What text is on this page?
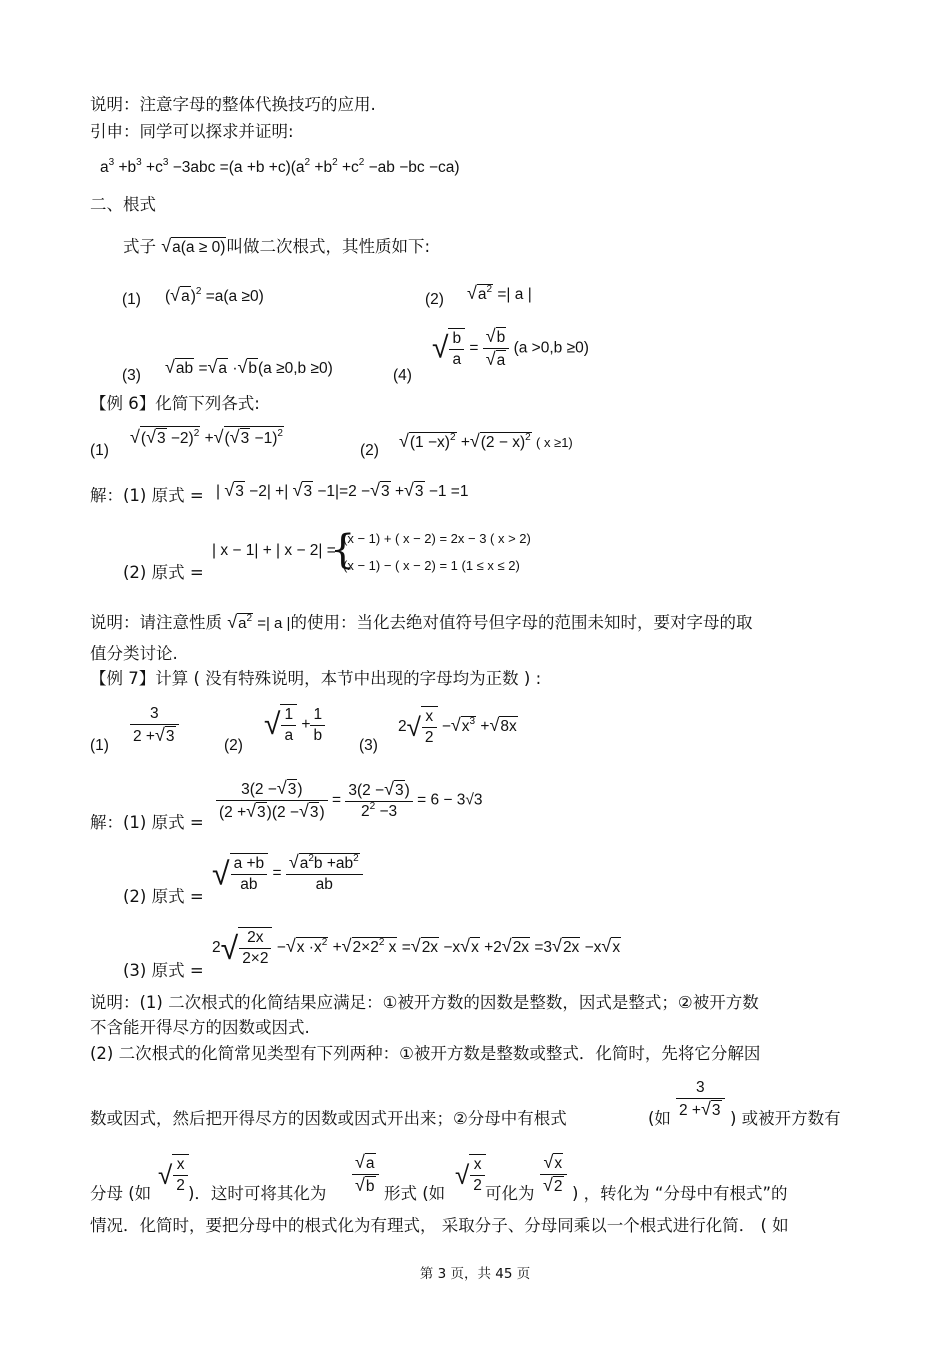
说明：注意字母的整体代换技巧的应用.
引申：同学可以探求并证明:
$a^3 +b^3 +c^3 -3abc =(a +b +c)(a^2 +b^2 +c^2 -ab -bc -ca)$
二、根式
式子 √a(a ≥ 0)叫做二次根式，其性质如下:
(1) $(√a)^2 =a(a \ge 0)$	(2) $√a^2$ =| a |
(3) √ab =√a ·√b(a ≥0,b ≥0)	(4)
√ $\frac{b}{a} = \frac{√b}{√a} (a >0,b \ge 0)$
【例 6】化简下列各式:
(1)
$√(√3 -2)^2 +√(√3 -1)^2$
(2) $√(1 -x)^2 +√(2 - x)^2$ ( x ≥1)
解：(1) 原式 = | √3 −2| +| √3 −1|=2 −√3 +√3 −1 =1
(2) 原式 =
| x − 1| + | x − 2| =
{
(x − 1) + ( x − 2) = 2x − 3 ( x > 2)
(x − 1) − ( x − 2) = 1 (1 ≤ x ≤ 2)
说明：请注意性质 $√a^2$ =| a |的使用：当化去绝对值符号但字母的范围未知时，要对字母的取
值分类讨论.
【例 7】计算 ( 没有特殊说明，本节中出现的字母均为正数 ) :
$(1) \frac{3}{2 +√3}$	(2)
√ $\frac{1}{a} + \frac{1}{b} (3)$
$2√ \frac{x}{2} -√x^3 +√8x$
解：(1) 原式 = $\frac{3(2 -√3)}{(2 +√3)(2 -√3)} = \frac{3(2 -√3)}{2^2 -3} = 6 - 3√3$
(2) 原式 =
√ $\frac{a +b}{ab} = \frac{√a^2b +ab^2}{ab}$
(3) 原式 =
$2√ \frac{2x}{2\times 2} -√x \cdot x^2 +√2\times 2^2$ x =√2x −x√x +2√2x =3√2x −x√x
说明：(1) 二次根式的化简结果应满足：①被开方数的因数是整数，因式是整式；②被开方数
不含能开得尽方的因数或因式.
(2) 二次根式的化简常见类型有下列两种：①被开方数是整数或整式．化简时，先将它分解因
数或因式，然后把开得尽方的因数或因式开出来；②分母中有根式	(如 $\frac{3}{2 +√3}$ ) 或被开方数有
分母 (如
√ $\frac{x}{2}$ )．这时可将其化为 $\frac{√a}{√b}$ 形式 (如
√ $\frac{x}{2}$ 可化为 $\frac{√x}{√2}$ ) ，转化为 “分母中有根式”的
情况．化简时，要把分母中的根式化为有理式， 采取分子、分母同乘以一个根式进行化简． ( 如
第 3 页，共 45 页
